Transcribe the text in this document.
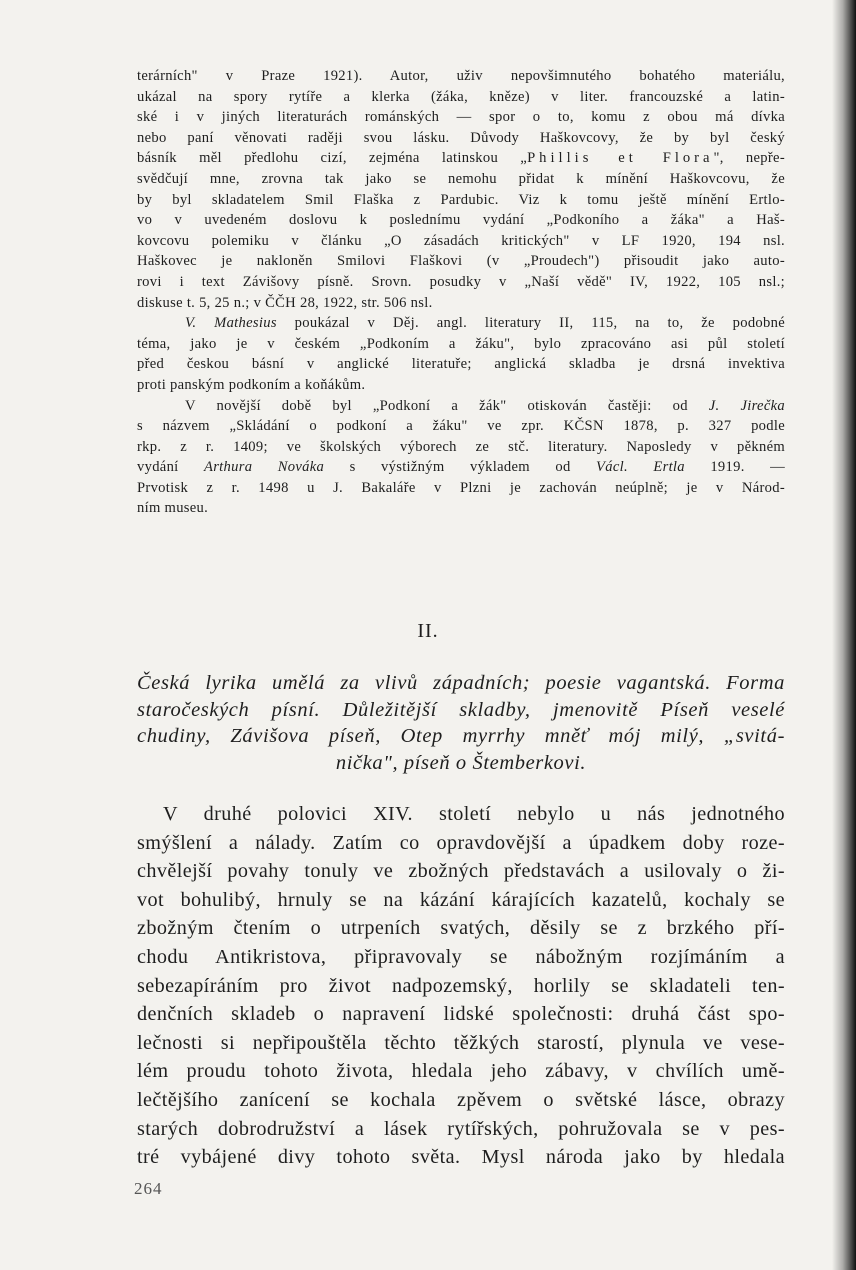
terárních" v Praze 1921). Autor, uživ nepovšimnutého bohatého materiálu,
ukázal na spory rytíře a klerka (žáka, kněze) v liter. francouzské a latin-
ské i v jiných literaturách románských — spor o to, komu z obou má dívka
nebo paní věnovati raději svou lásku. Důvody Haškovcovy, že by byl český
básník měl předlohu cizí, zejména latinskou „Phillis et Flora", nepře-
svědčují mne, zrovna tak jako se nemohu přidat k mínění Haškovcovu, že
by byl skladatelem Smil Flaška z Pardubic. Viz k tomu ještě mínění Ertlo-
vo v uvedeném doslovu k poslednímu vydání „Podkoního a žáka" a Haš-
kovcovu polemiku v článku „O zásadách kritických" v LF 1920, 194 nsl.
Haškovec je nakloněn Smilovi Flaškovi (v „Proudech") přisoudit jako auto-
rovi i text Závišovy písně. Srovn. posudky v „Naší vědě" IV, 1922, 105 nsl.;
diskuse t. 5, 25 n.; v ČČH 28, 1922, str. 506 nsl.

V. Mathesius poukázal v Děj. angl. literatury II, 115, na to, že podobné
téma, jako je v českém „Podkoním a žáku", bylo zpracováno asi půl století
před českou básní v anglické literatuře; anglická skladba je drsná invektiva
proti panským podkoním a koňákům.

V novější době byl „Podkoní a žák" otiskován častěji: od J. Jirečka
s názvem „Skládání o podkoní a žáku" ve zpr. KČSN 1878, p. 327 podle
rkp. z r. 1409; ve školských výborech ze stč. literatury. Naposledy v pěkném
vydání Arthura Nováka s výstižným výkladem od Václ. Ertla 1919. —
Prvotisk z r. 1498 u J. Bakaláře v Plzni je zachován neúplně; je v Národ-
ním museu.

II.
Česká lyrika umělá za vlivů západních; poesie vagantská. Forma
staročeských písní. Důležitější skladby, jmenovitě Píseň veselé
chudiny, Závišova píseň, Otep myrrhy mněť mój milý, „svitá-
nička", píseň o Štemberkovi.
V druhé polovici XIV. století nebylo u nás jednotného
smýšlení a nálady. Zatím co opravdovější a úpadkem doby roze-
chvělejší povahy tonuly ve zbožných představách a usilovaly o ži-
vot bohulibý, hrnuly se na kázání kárajících kazatelů, kochaly se
zbožným čtením o utrpeních svatých, děsily se z brzkého pří-
chodu Antikristova, připravovaly se nábožným rozjímáním a
sebezapíráním pro život nadpozemský, horlily se skladateli ten-
denčních skladeb o napravení lidské společnosti: druhá část spo-
lečnosti si nepřipouštěla těchto těžkých starostí, plynula ve vese-
lém proudu tohoto života, hledala jeho zábavy, v chvílích umě-
lečtějšího zanícení se kochala zpěvem o světské lásce, obrazy
starých dobrodružství a lásek rytířských, pohružovala se v pes-
tré vybájené divy tohoto světa. Mysl národa jako by hledala
264
